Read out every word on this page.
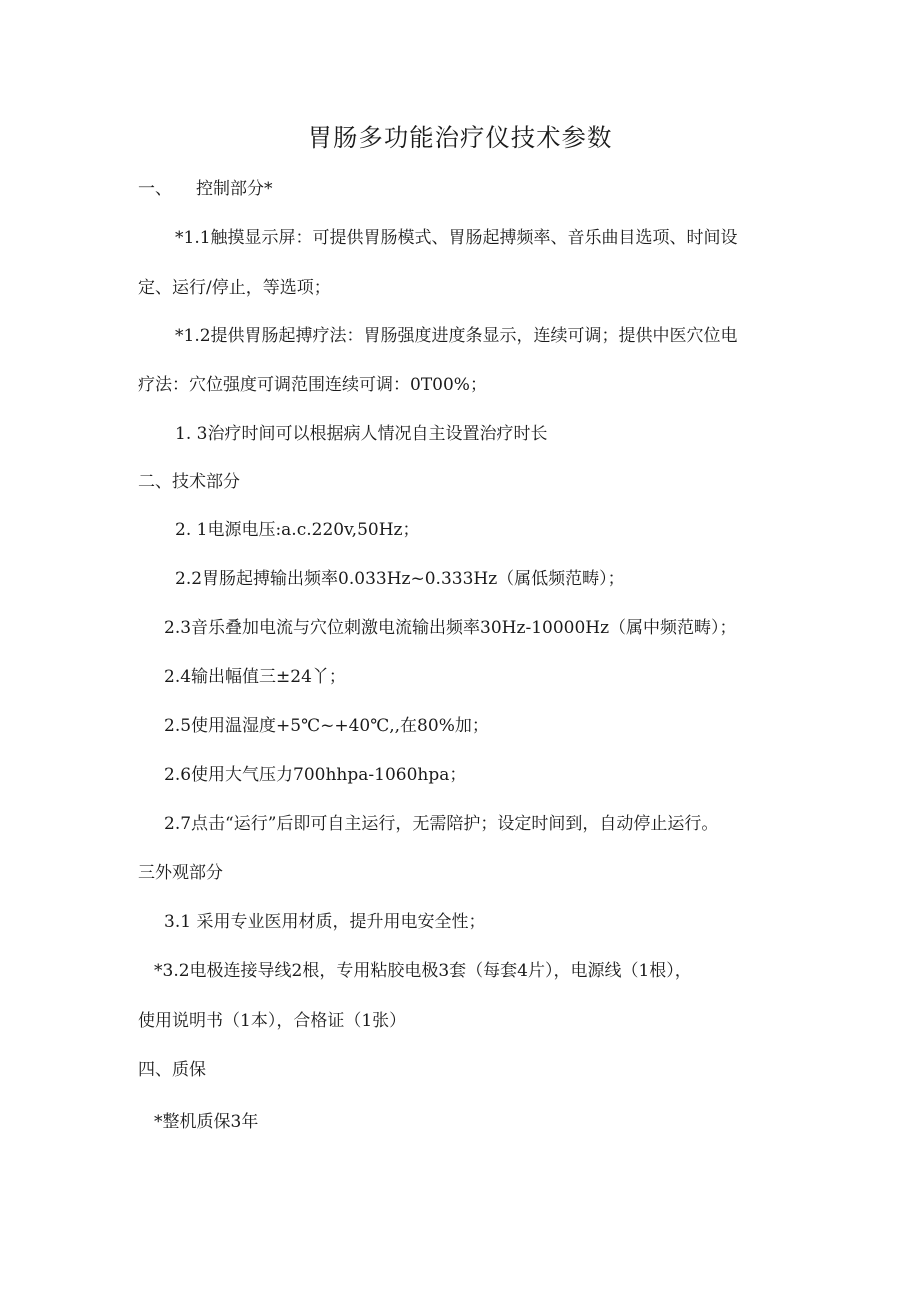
胃肠多功能治疗仪技术参数
一、 控制部分*
*1.1触摸显示屏：可提供胃肠模式、胃肠起搏频率、音乐曲目选项、时间设
定、运行/停止，等选项；
*1.2提供胃肠起搏疗法：胃肠强度进度条显示，连续可调；提供中医穴位电
疗法：穴位强度可调范围连续可调：0T00%；
1. 3治疗时间可以根据病人情况自主设置治疗时长
二、技术部分
2. 1电源电压:a.c.220v,50Hz；
2.2胃肠起搏输出频率0.033Hz~0.333Hz（属低频范畴）；
2.3音乐叠加电流与穴位刺激电流输出频率30Hz-10000Hz（属中频范畴）；
2.4输出幅值三±24丫；
2.5使用温湿度+5℃~+40℃,,在80%加；
2.6使用大气压力700hhpa-1060hpa；
2.7点击“运行”后即可自主运行，无需陪护；设定时间到，自动停止运行。
三外观部分
3.1 采用专业医用材质，提升用电安全性；
*3.2电极连接导线2根，专用粘胶电极3套（每套4片），电源线（1根），
使用说明书（1本），合格证（1张）
四、质保
*整机质保3年
